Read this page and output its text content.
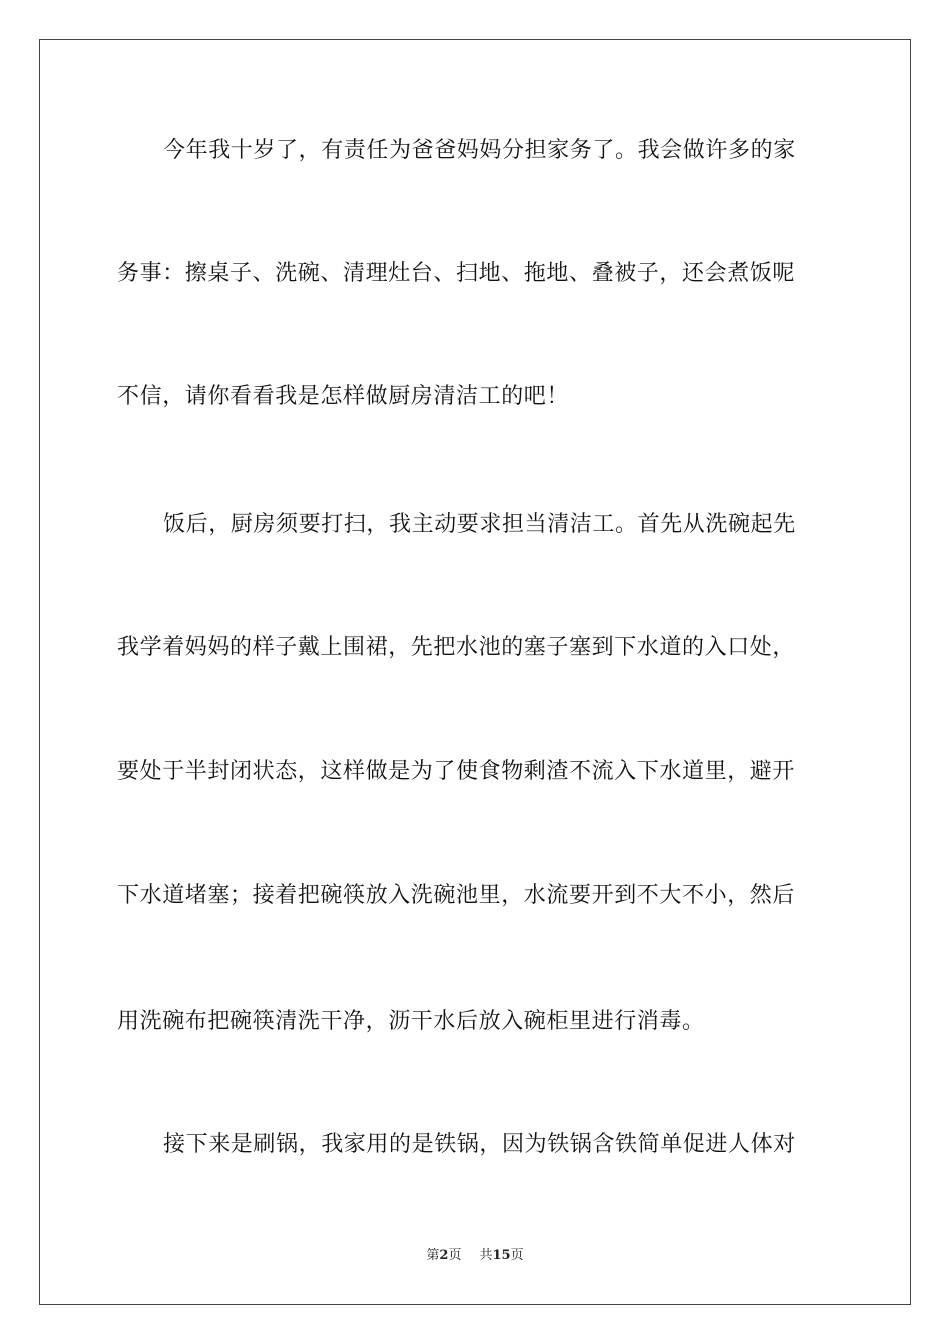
今年我十岁了，有责任为爸爸妈妈分担家务了。我会做许多的家

务事：擦桌子、洗碗、清理灶台、扫地、拖地、叠被子，还会煮饭呢

不信，请你看看我是怎样做厨房清洁工的吧！

饭后，厨房须要打扫，我主动要求担当清洁工。首先从洗碗起先

我学着妈妈的样子戴上围裙，先把水池的塞子塞到下水道的入口处，

要处于半封闭状态，这样做是为了使食物剩渣不流入下水道里，避开

下水道堵塞；接着把碗筷放入洗碗池里，水流要开到不大不小，然后

用洗碗布把碗筷清洗干净，沥干水后放入碗柜里进行消毒。

接下来是刷锅，我家用的是铁锅，因为铁锅含铁简单促进人体对

第2页 共15页
